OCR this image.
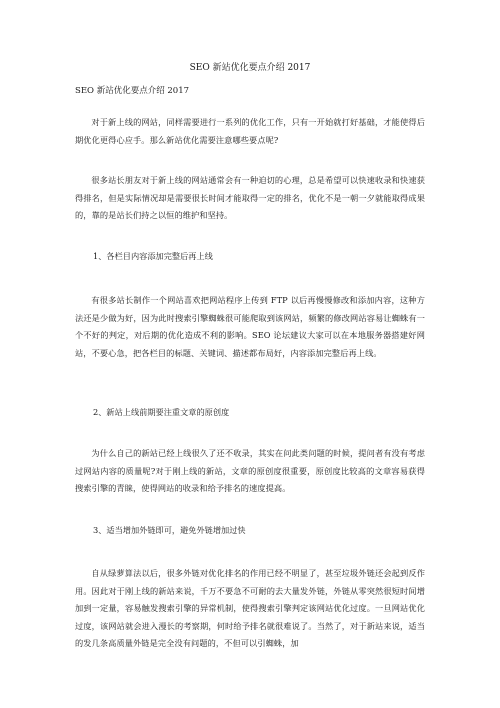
SEO 新站优化要点介绍 2017
SEO 新站优化要点介绍 2017

对于新上线的网站，同样需要进行一系列的优化工作，只有一开始就打好基础，才能使得后期优化更得心应手。那么新站优化需要注意哪些要点呢?

很多站长朋友对于新上线的网站通常会有一种迫切的心理，总是希望可以快速收录和快速获得排名，但是实际情况却是需要很长时间才能取得一定的排名，优化不是一朝一夕就能取得成果的，靠的是站长们持之以恒的维护和坚持。

1、各栏目内容添加完整后再上线

有很多站长制作一个网站喜欢把网站程序上传到 FTP 以后再慢慢修改和添加内容，这种方法还是少做为好，因为此时搜索引擎蜘蛛很可能爬取到该网站，频繁的修改网站容易让蜘蛛有一个不好的判定，对后期的优化造成不利的影响。SEO 论坛建议大家可以在本地服务器搭建好网站，不要心急，把各栏目的标题、关键词、描述都布局好，内容添加完整后再上线。

2、新站上线前期要注重文章的原创度

为什么自己的新站已经上线很久了还不收录，其实在问此类问题的时候，提问者有没有考虑过网站内容的质量呢?对于刚上线的新站，文章的原创度很重要，原创度比较高的文章容易获得搜索引擎的青睐，使得网站的收录和给予排名的速度提高。

3、适当增加外链即可，避免外链增加过快

自从绿萝算法以后，很多外链对优化排名的作用已经不明显了，甚至垃圾外链还会起到反作用。因此对于刚上线的新站来说，千万不要急不可耐的去大量发外链，外链从零突然很短时间增加到一定量，容易触发搜索引擎的异常机制，使得搜索引擎判定该网站优化过度。一旦网站优化过度，该网站就会进入漫长的考察期，何时给予排名就很难说了。当然了，对于新站来说，适当的发几条高质量外链是完全没有问题的，不但可以引蜘蛛，加
